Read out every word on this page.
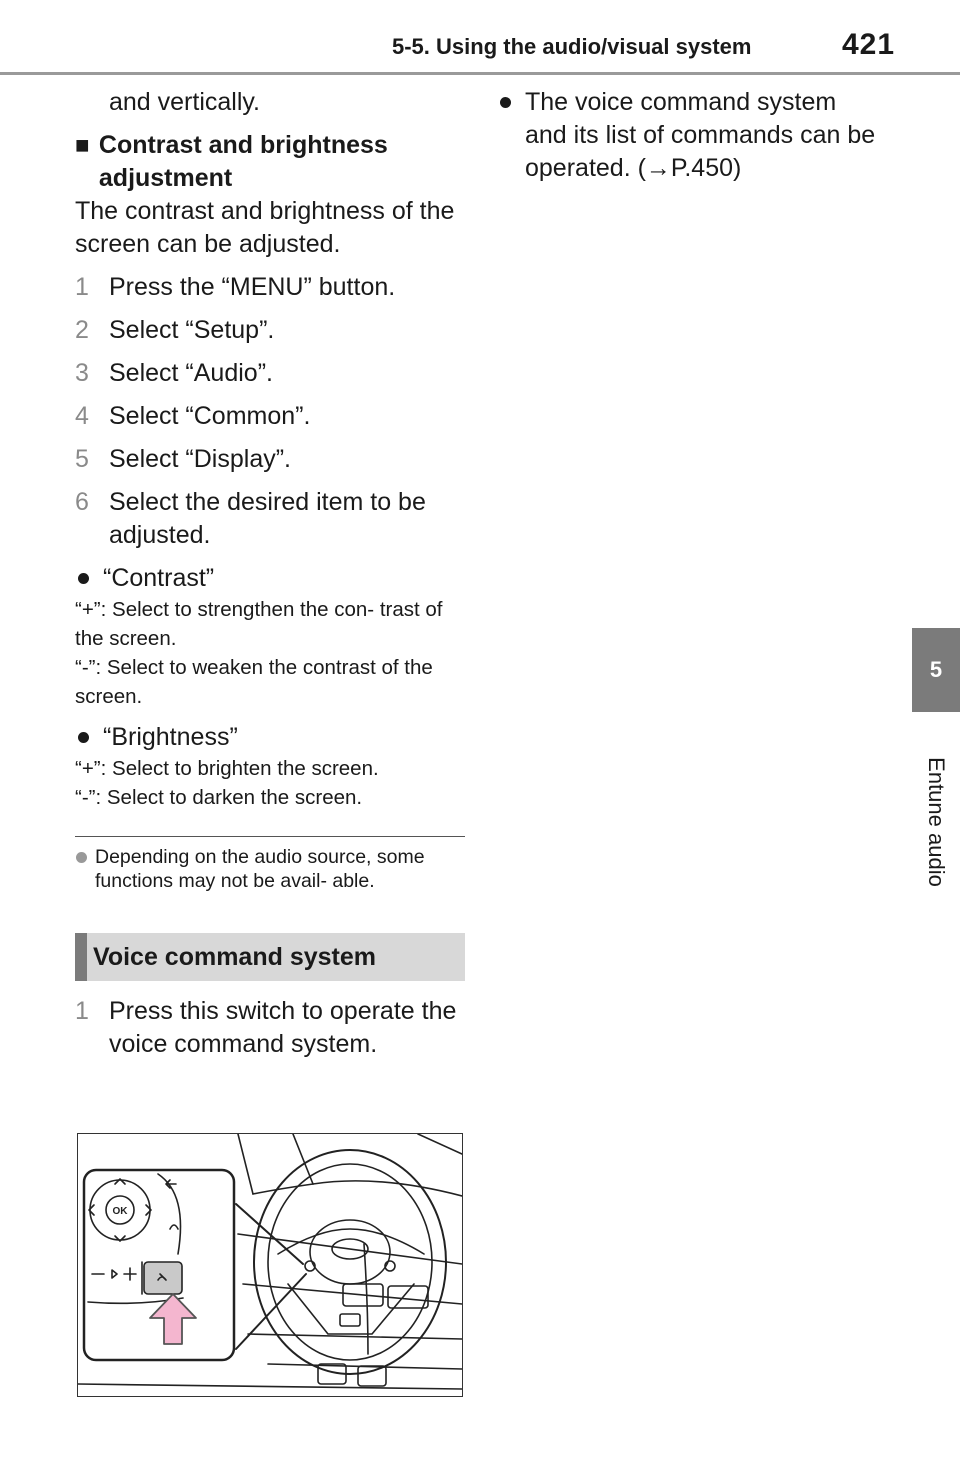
5-5. Using the audio/visual system	421
5
Entune audio

and vertically.

■ Contrast and brightness adjustment

The contrast and brightness of the screen can be adjusted.

1 Press the “MENU” button.
2 Select “Setup”.
3 Select “Audio”.
4 Select “Common”.
5 Select “Display”.
6 Select the desired item to be adjusted.
“Contrast”

“+”: Select to strengthen the con- trast of the screen.

“-”: Select to weaken the contrast of the screen.

“Brightness”

“+”: Select to brighten the screen.

“-”: Select to darken the screen.

Depending on the audio source, some functions may not be avail- able.
Voice command system
1 Press this switch to operate the voice command system.
OK
The voice command system and its list of commands can be operated. (→P.450)
